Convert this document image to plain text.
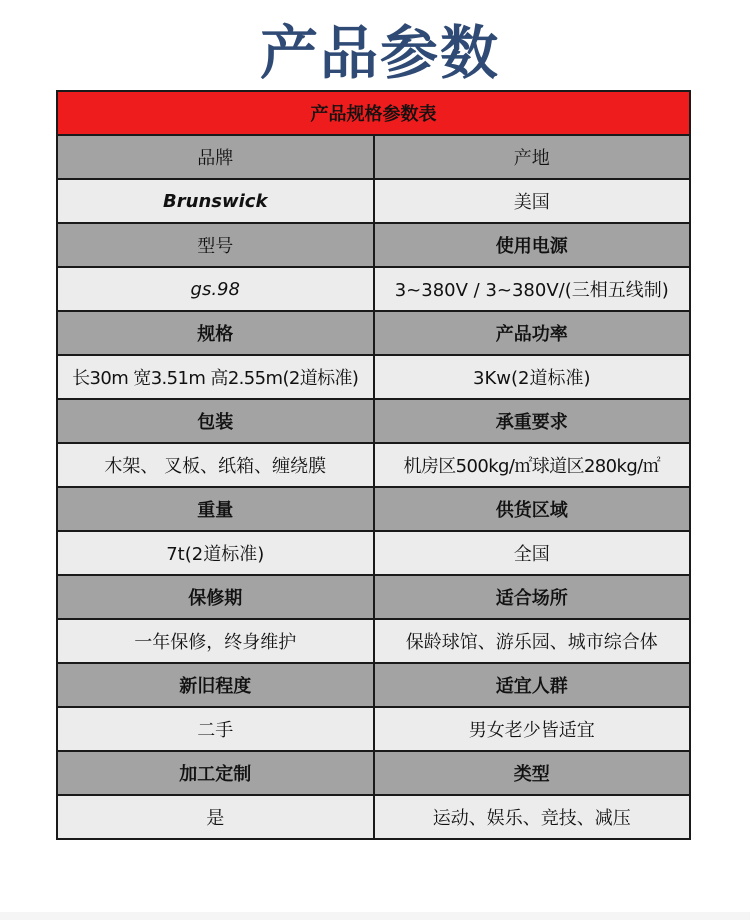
产品参数
产品规格参数表	
品牌	产地
Brunswick	美国
型号	使用电源
gs.98	3~380V / 3~380V/(三相五线制)
规格	产品功率
长30m 宽3.51m 高2.55m(2道标准)	3Kw(2道标准)
包装	承重要求
木架、 叉板、纸箱、缠绕膜	机房区500kg/㎡球道区280kg/㎡
重量	供货区域
7t(2道标准)	全国
保修期	适合场所
一年保修，终身维护	保龄球馆、游乐园、城市综合体
新旧程度	适宜人群
二手	男女老少皆适宜
加工定制	类型
是	运动、娱乐、竞技、减压
